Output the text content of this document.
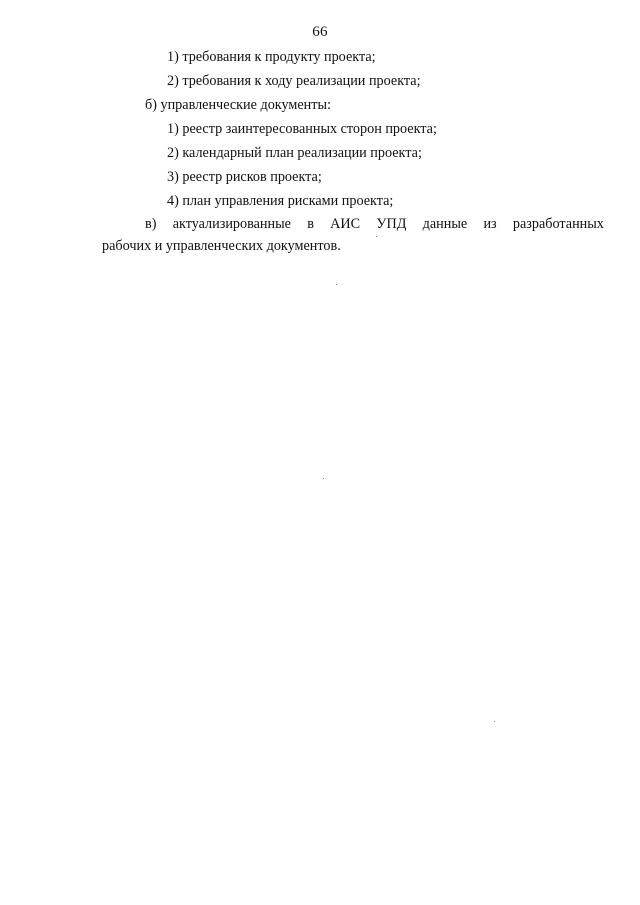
66
1) требования к продукту проекта;
2) требования к ходу реализации проекта;
б) управленческие документы:
1) реестр заинтересованных сторон проекта;
2) календарный план реализации проекта;
3) реестр рисков проекта;
4) план управления рисками проекта;
в) актуализированные в АИС УПД данные из разработанных
рабочих и управленческих документов.
